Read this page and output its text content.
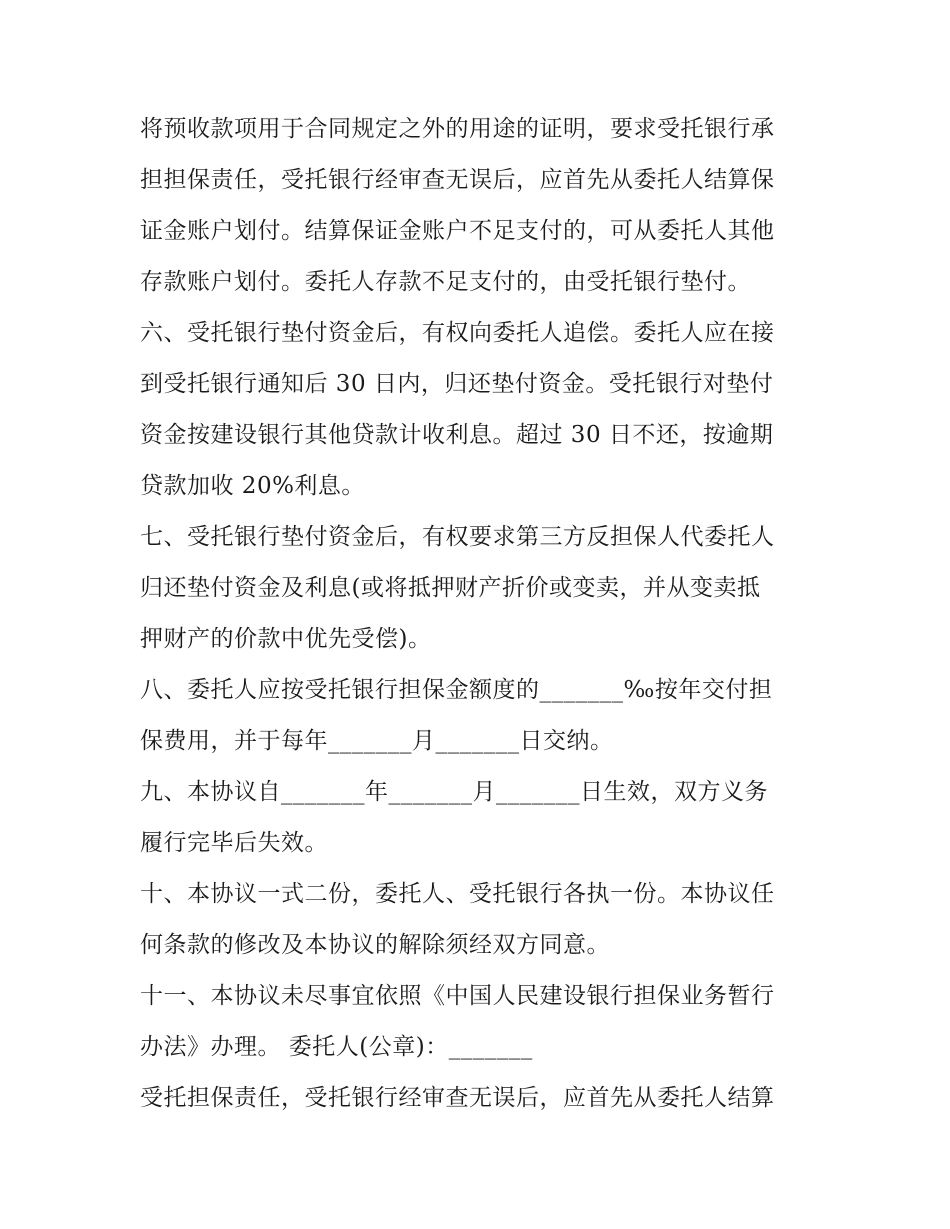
将预收款项用于合同规定之外的用途的证明，要求受托银行承
担担保责任，受托银行经审查无误后，应首先从委托人结算保
证金账户划付。结算保证金账户不足支付的，可从委托人其他
存款账户划付。委托人存款不足支付的，由受托银行垫付。
六、受托银行垫付资金后，有权向委托人追偿。委托人应在接
到受托银行通知后 30 日内，归还垫付资金。受托银行对垫付
资金按建设银行其他贷款计收利息。超过 30 日不还，按逾期
贷款加收 20%利息。
七、受托银行垫付资金后，有权要求第三方反担保人代委托人
归还垫付资金及利息(或将抵押财产折价或变卖，并从变卖抵
押财产的价款中优先受偿)。
八、委托人应按受托银行担保金额度的_______‰按年交付担
保费用，并于每年_______月_______日交纳。
九、本协议自_______年_______月_______日生效，双方义务
履行完毕后失效。
十、本协议一式二份，委托人、受托银行各执一份。本协议任
何条款的修改及本协议的解除须经双方同意。
十一、本协议未尽事宜依照《中国人民建设银行担保业务暂行
办法》办理。 委托人(公章)：_______
受托担保责任，受托银行经审查无误后，应首先从委托人结算
